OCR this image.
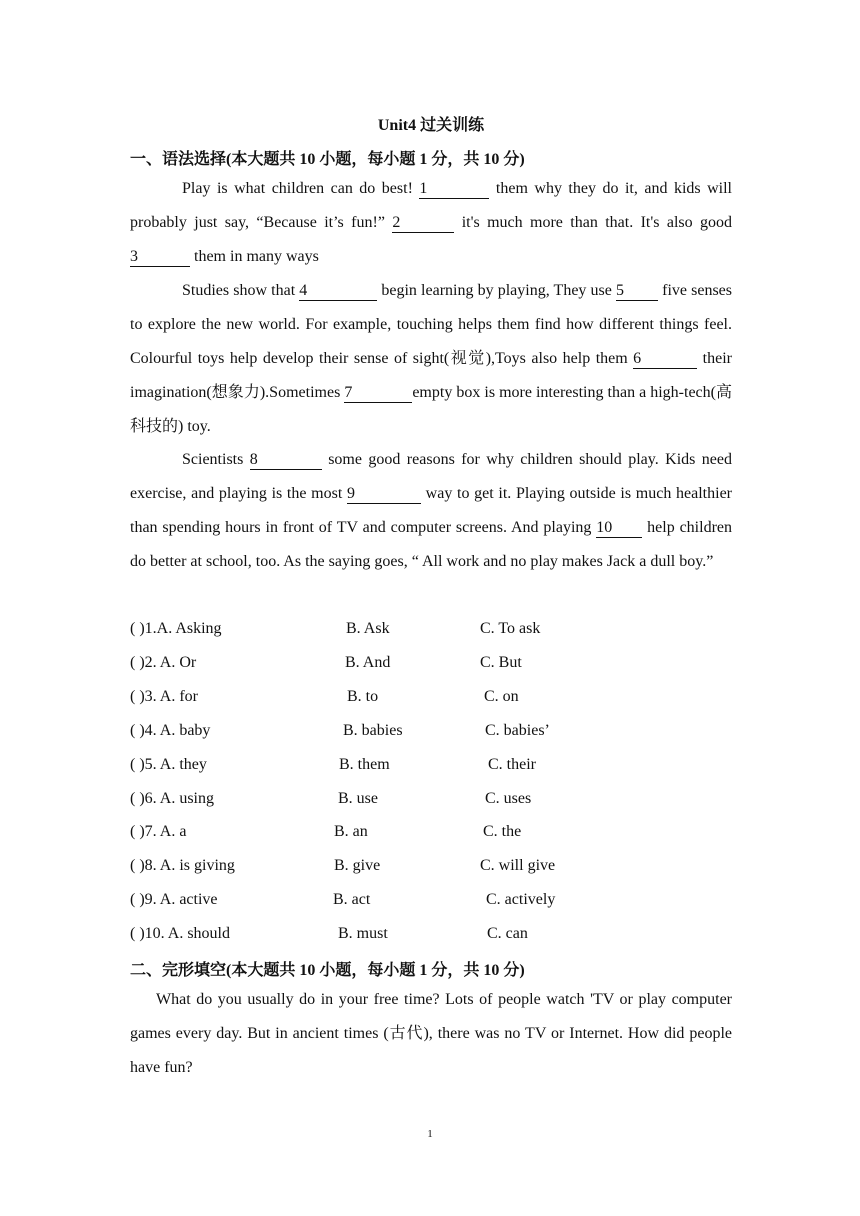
Unit4 过关训练
一、语法选择(本大题共 10 小题，每小题 1 分，共 10 分)
Play is what children can do best! 1	them why they do it, and kids will probably just say, “Because it’s fun!” 2	it's much more than that. It's also good 3	them in many ways
Studies show that 4	begin learning by playing, They use 5 five senses to explore the new world. For example, touching helps them find how different things feel. Colourful toys help develop their sense of sight(视觉),Toys also help them 6	their imagination(想象力).Sometimes 7	empty box is more interesting than a high-tech(高科技的) toy.
Scientists 8	some good reasons for why children should play. Kids need exercise, and playing is the most 9	way to get it. Playing outside is much healthier than spending hours in front of TV and computer screens. And playing 10 help children do better at school, too. As the saying goes, “ All work and no play makes Jack a dull boy.”
( )1.A. Asking	B. Ask	C. To ask
( )2. A. Or	B. And	C. But
( )3. A. for	B. to	C. on
( )4. A. baby	B. babies	C. babies’
( )5. A. they	B. them	C. their
( )6. A. using	B. use	C. uses
( )7. A. a	B. an	C. the
( )8. A. is giving	B. give	C. will give
( )9. A. active	B. act	C. actively
( )10. A. should	B. must	C. can
二、完形填空(本大题共 10 小题，每小题 1 分，共 10 分)
What do you usually do in your free time? Lots of people watch 'TV or play computer games every day. But in ancient times (古代), there was no TV or Internet. How did people have fun?
1
